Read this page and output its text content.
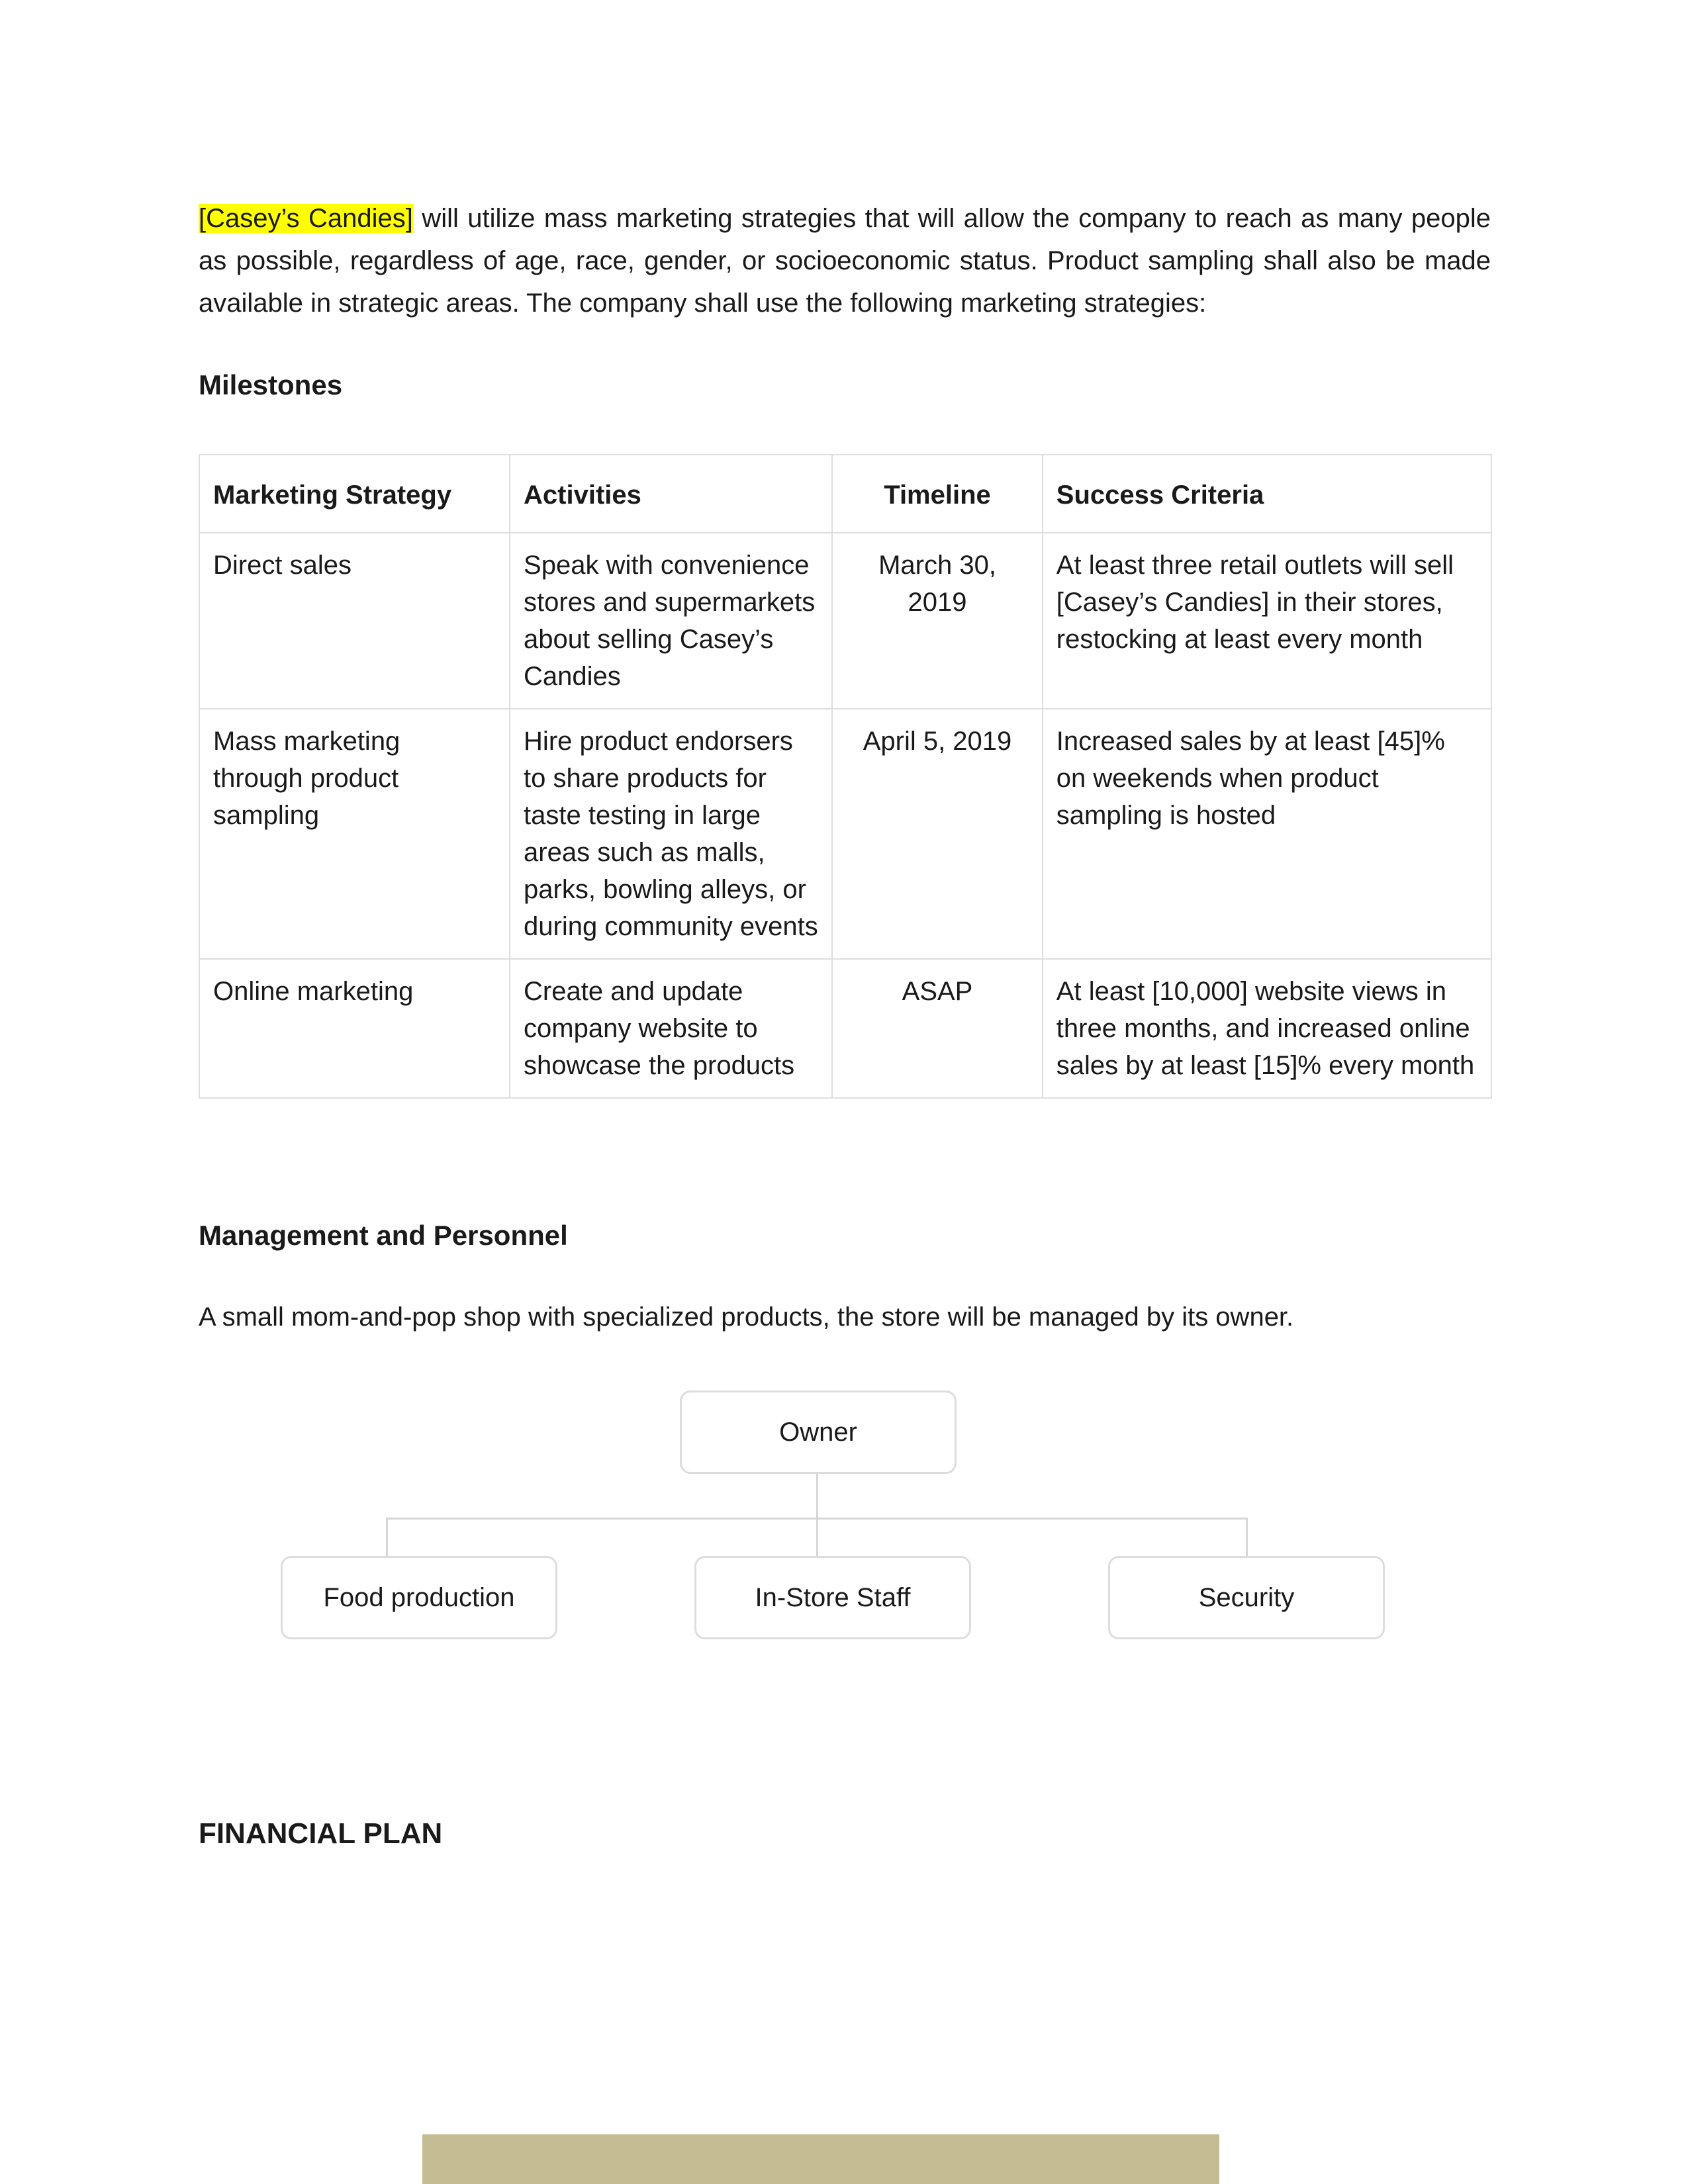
[Casey’s Candies] will utilize mass marketing strategies that will allow the company to reach as many people as possible, regardless of age, race, gender, or socioeconomic status. Product sampling shall also be made available in strategic areas. The company shall use the following marketing strategies:

Milestones
Marketing Strategy	Activities	Timeline	Success Criteria
Direct sales	Speak with convenience stores and supermarkets about selling Casey’s Candies	March 30, 2019	At least three retail outlets will sell [Casey’s Candies] in their stores, restocking at least every month
Mass marketing through product sampling	Hire product endorsers to share products for taste testing in large areas such as malls, parks, bowling alleys, or during community events	April 5, 2019	Increased sales by at least [45]% on weekends when product sampling is hosted
Online marketing	Create and update company website to showcase the products	ASAP	At least [10,000] website views in three months, and increased online sales by at least [15]% every month
Management and Personnel

A small mom-and-pop shop with specialized products, the store will be managed by its owner.

Owner
Food production	In-Store Staff	Security
FINANCIAL PLAN
